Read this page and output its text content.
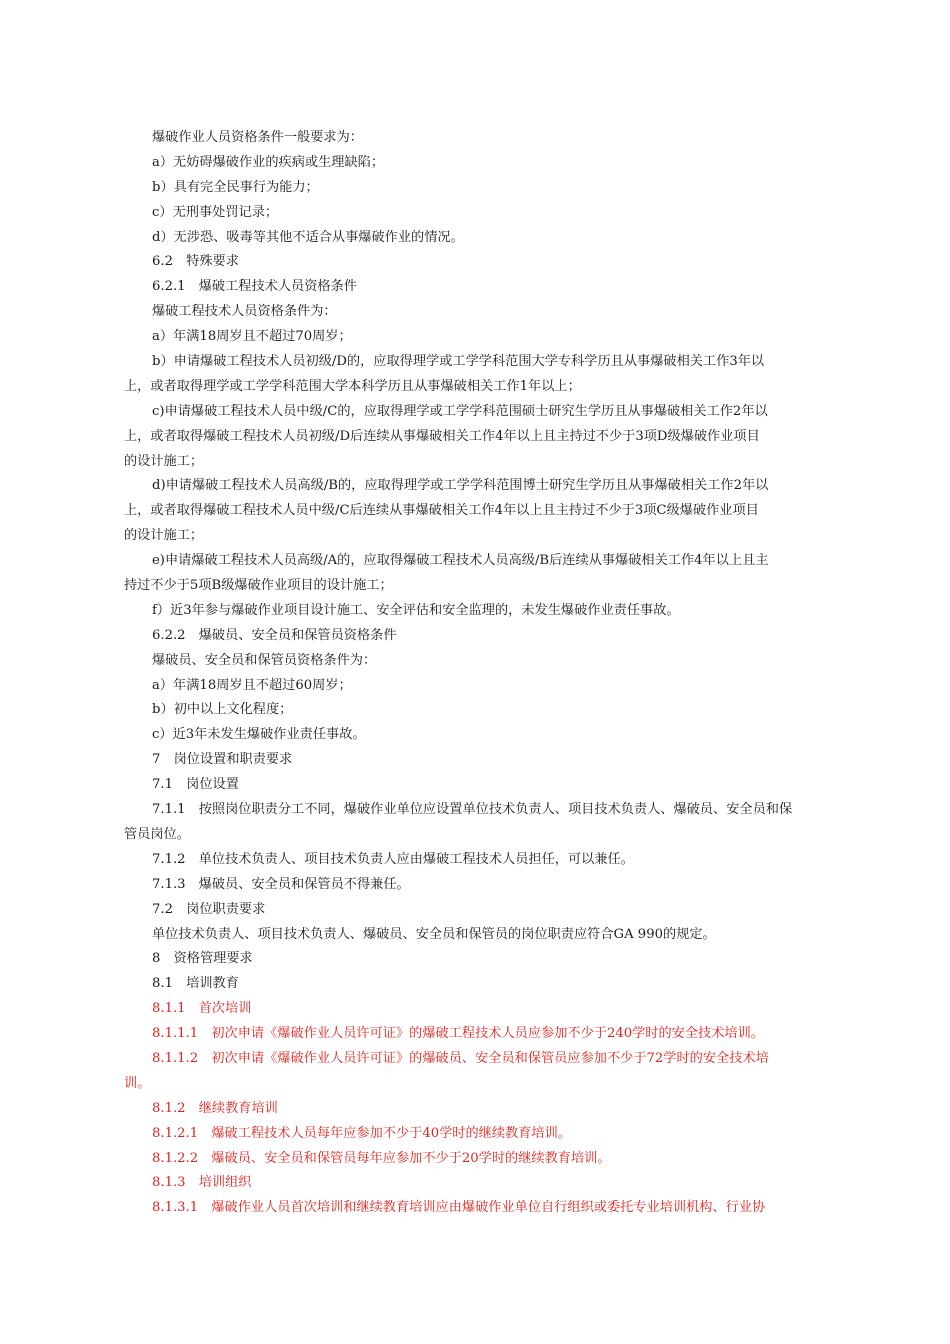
爆破作业人员资格条件一般要求为：
a）无妨碍爆破作业的疾病或生理缺陷；
b）具有完全民事行为能力；
c）无刑事处罚记录；
d）无涉恐、吸毒等其他不适合从事爆破作业的情况。
6.2　特殊要求
6.2.1　爆破工程技术人员资格条件
爆破工程技术人员资格条件为：
a）年满18周岁且不超过70周岁；
b）申请爆破工程技术人员初级/D的，应取得理学或工学学科范围大学专科学历且从事爆破相关工作3年以
上，或者取得理学或工学学科范围大学本科学历且从事爆破相关工作1年以上；
c)申请爆破工程技术人员中级/C的，应取得理学或工学学科范围硕士研究生学历且从事爆破相关工作2年以
上，或者取得爆破工程技术人员初级/D后连续从事爆破相关工作4年以上且主持过不少于3项D级爆破作业项目
的设计施工；
d)申请爆破工程技术人员高级/B的，应取得理学或工学学科范围博士研究生学历且从事爆破相关工作2年以
上，或者取得爆破工程技术人员中级/C后连续从事爆破相关工作4年以上且主持过不少于3项C级爆破作业项目
的设计施工；
e)申请爆破工程技术人员高级/A的，应取得爆破工程技术人员高级/B后连续从事爆破相关工作4年以上且主
持过不少于5项B级爆破作业项目的设计施工；
f）近3年参与爆破作业项目设计施工、安全评估和安全监理的，未发生爆破作业责任事故。
6.2.2　爆破员、安全员和保管员资格条件
爆破员、安全员和保管员资格条件为：
a）年满18周岁且不超过60周岁；
b）初中以上文化程度；
c）近3年未发生爆破作业责任事故。
7　岗位设置和职责要求
7.1　岗位设置
7.1.1　按照岗位职责分工不同，爆破作业单位应设置单位技术负责人、项目技术负责人、爆破员、安全员和保
管员岗位。
7.1.2　单位技术负责人、项目技术负责人应由爆破工程技术人员担任，可以兼任。
7.1.3　爆破员、安全员和保管员不得兼任。
7.2　岗位职责要求
单位技术负责人、项目技术负责人、爆破员、安全员和保管员的岗位职责应符合GA 990的规定。
8　资格管理要求
8.1　培训教育
8.1.1　首次培训
8.1.1.1　初次申请《爆破作业人员许可证》的爆破工程技术人员应参加不少于240学时的安全技术培训。
8.1.1.2　初次申请《爆破作业人员许可证》的爆破员、安全员和保管员应参加不少于72学时的安全技术培
训。
8.1.2　继续教育培训
8.1.2.1　爆破工程技术人员每年应参加不少于40学时的继续教育培训。
8.1.2.2　爆破员、安全员和保管员每年应参加不少于20学时的继续教育培训。
8.1.3　培训组织
8.1.3.1　爆破作业人员首次培训和继续教育培训应由爆破作业单位自行组织或委托专业培训机构、行业协
